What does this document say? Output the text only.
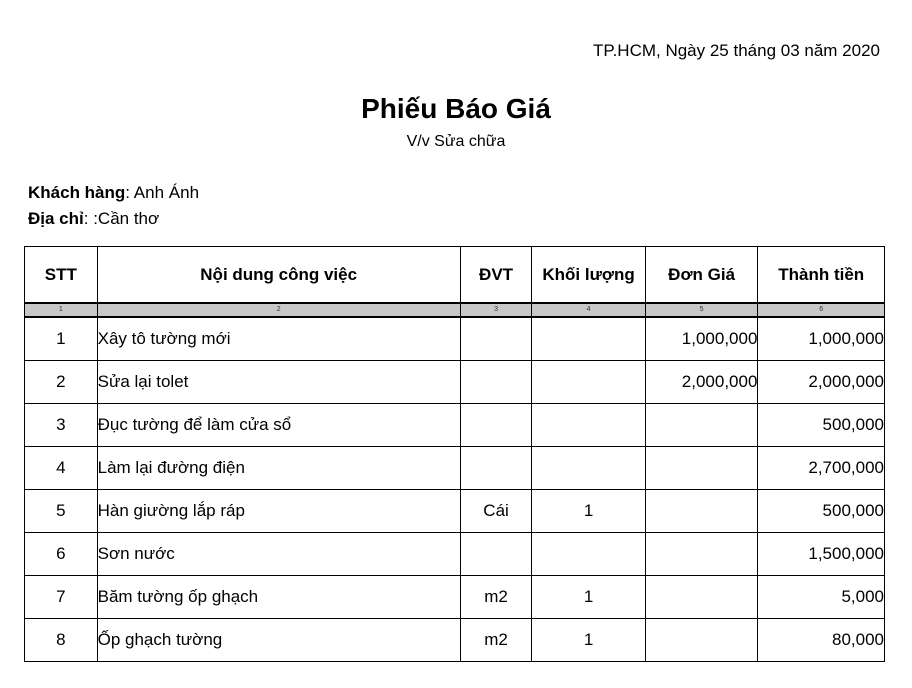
TP.HCM, Ngày 25 tháng 03 năm 2020
Phiếu Báo Giá
V/v Sửa chữa
Khách hàng: Anh Ánh
Địa chỉ: :Cần thơ
STT	Nội dung công việc	ĐVT	Khối lượng	Đơn Giá	Thành tiền
1	2	3	4	5	6
1	Xây tô tường mới			1,000,000	1,000,000
2	Sửa lại tolet			2,000,000	2,000,000
3	Đục tường để làm cửa sổ				500,000
4	Làm lại đường điện				2,700,000
5	Hàn giường lắp ráp	Cái	1		500,000
6	Sơn nước				1,500,000
7	Băm tường ốp ghạch	m2	1		5,000
8	Ốp ghạch tường	m2	1		80,000
